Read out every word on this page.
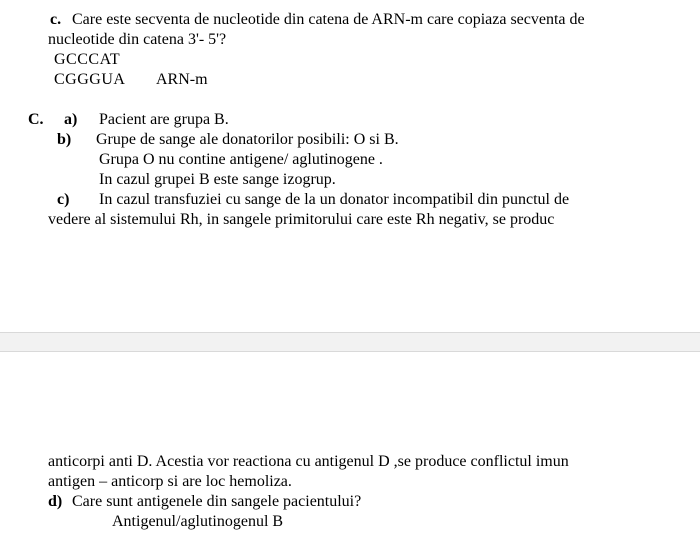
c. Care este secventa de nucleotide din catena de ARN-m care copiaza secventa de
nucleotide din catena 3'- 5'?
GCCCAT
CGGGUA ARN-m
C. a) Pacient are grupa B.
b) Grupe de sange ale donatorilor posibili: O si B.
Grupa O nu contine antigene/ aglutinogene .
In cazul grupei B este sange izogrup.
c) In cazul transfuziei cu sange de la un donator incompatibil din punctul de
vedere al sistemului Rh, in sangele primitorului care este Rh negativ, se produc
anticorpi anti D. Acestia vor reactiona cu antigenul D ,se produce conflictul imun
antigen – anticorp si are loc hemoliza.
d) Care sunt antigenele din sangele pacientului?
Antigenul/aglutinogenul B
